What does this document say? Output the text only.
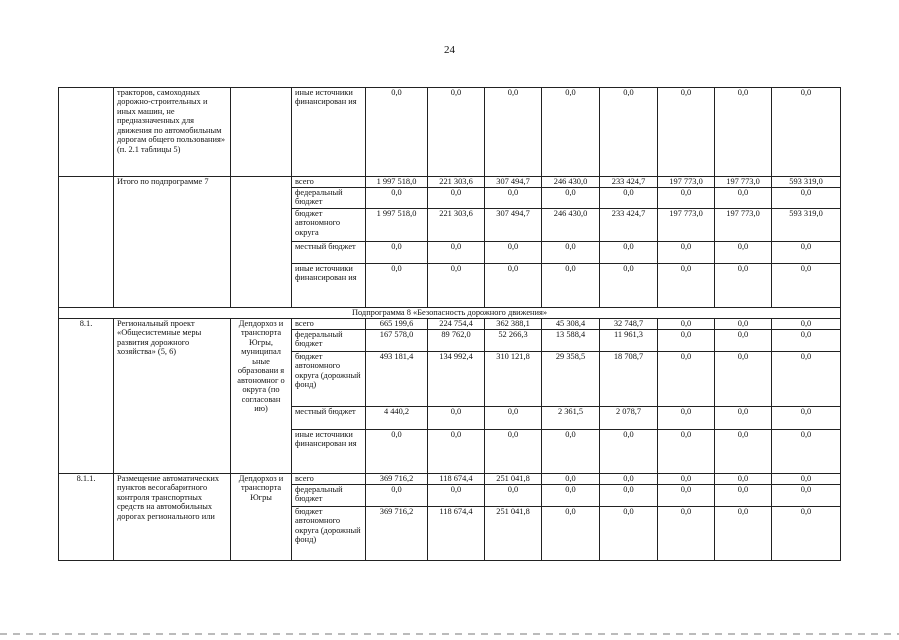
24
	тракторов, самоходных дорожно-строительных и иных машин, не предназначенных для движения по автомобильным дорогам общего пользования» (п. 2.1 таблицы 5)		иные источники финансирован ия	0,0	0,0	0,0	0,0	0,0	0,0	0,0	0,0
	Итого по подпрограмме 7		всего	1 997 518,0	221 303,6	307 494,7	246 430,0	233 424,7	197 773,0	197 773,0	593 319,0
			федеральный бюджет	0,0	0,0	0,0	0,0	0,0	0,0	0,0	0,0
			бюджет автономного округа	1 997 518,0	221 303,6	307 494,7	246 430,0	233 424,7	197 773,0	197 773,0	593 319,0
			местный бюджет	0,0	0,0	0,0	0,0	0,0	0,0	0,0	0,0
			иные источники финансирован ия	0,0	0,0	0,0	0,0	0,0	0,0	0,0	0,0
Подпрограмма 8 «Безопасность дорожного движения»											
8.1.	Региональный проект «Общесистемные меры развития дорожного хозяйства» (5, 6)	Депдорхоз и транспорта Югры, муниципал ьные образовани я автономног о округа (по согласован ию)	всего	665 199,6	224 754,4	362 388,1	45 308,4	32 748,7	0,0	0,0	0,0
			федеральный бюджет	167 578,0	89 762,0	52 266,3	13 588,4	11 961,3	0,0	0,0	0,0
			бюджет автономного округа (дорожный фонд)	493 181,4	134 992,4	310 121,8	29 358,5	18 708,7	0,0	0,0	0,0
			местный бюджет	4 440,2	0,0	0,0	2 361,5	2 078,7	0,0	0,0	0,0
			иные источники финансирован ия	0,0	0,0	0,0	0,0	0,0	0,0	0,0	0,0
8.1.1.	Размещение автоматических пунктов весогабаритного контроля транспортных средств на автомобильных дорогах регионального или	Депдорхоз и транспорта Югры	всего	369 716,2	118 674,4	251 041,8	0,0	0,0	0,0	0,0	0,0
			федеральный бюджет	0,0	0,0	0,0	0,0	0,0	0,0	0,0	0,0
			бюджет автономного округа (дорожный фонд)	369 716,2	118 674,4	251 041,8	0,0	0,0	0,0	0,0	0,0
